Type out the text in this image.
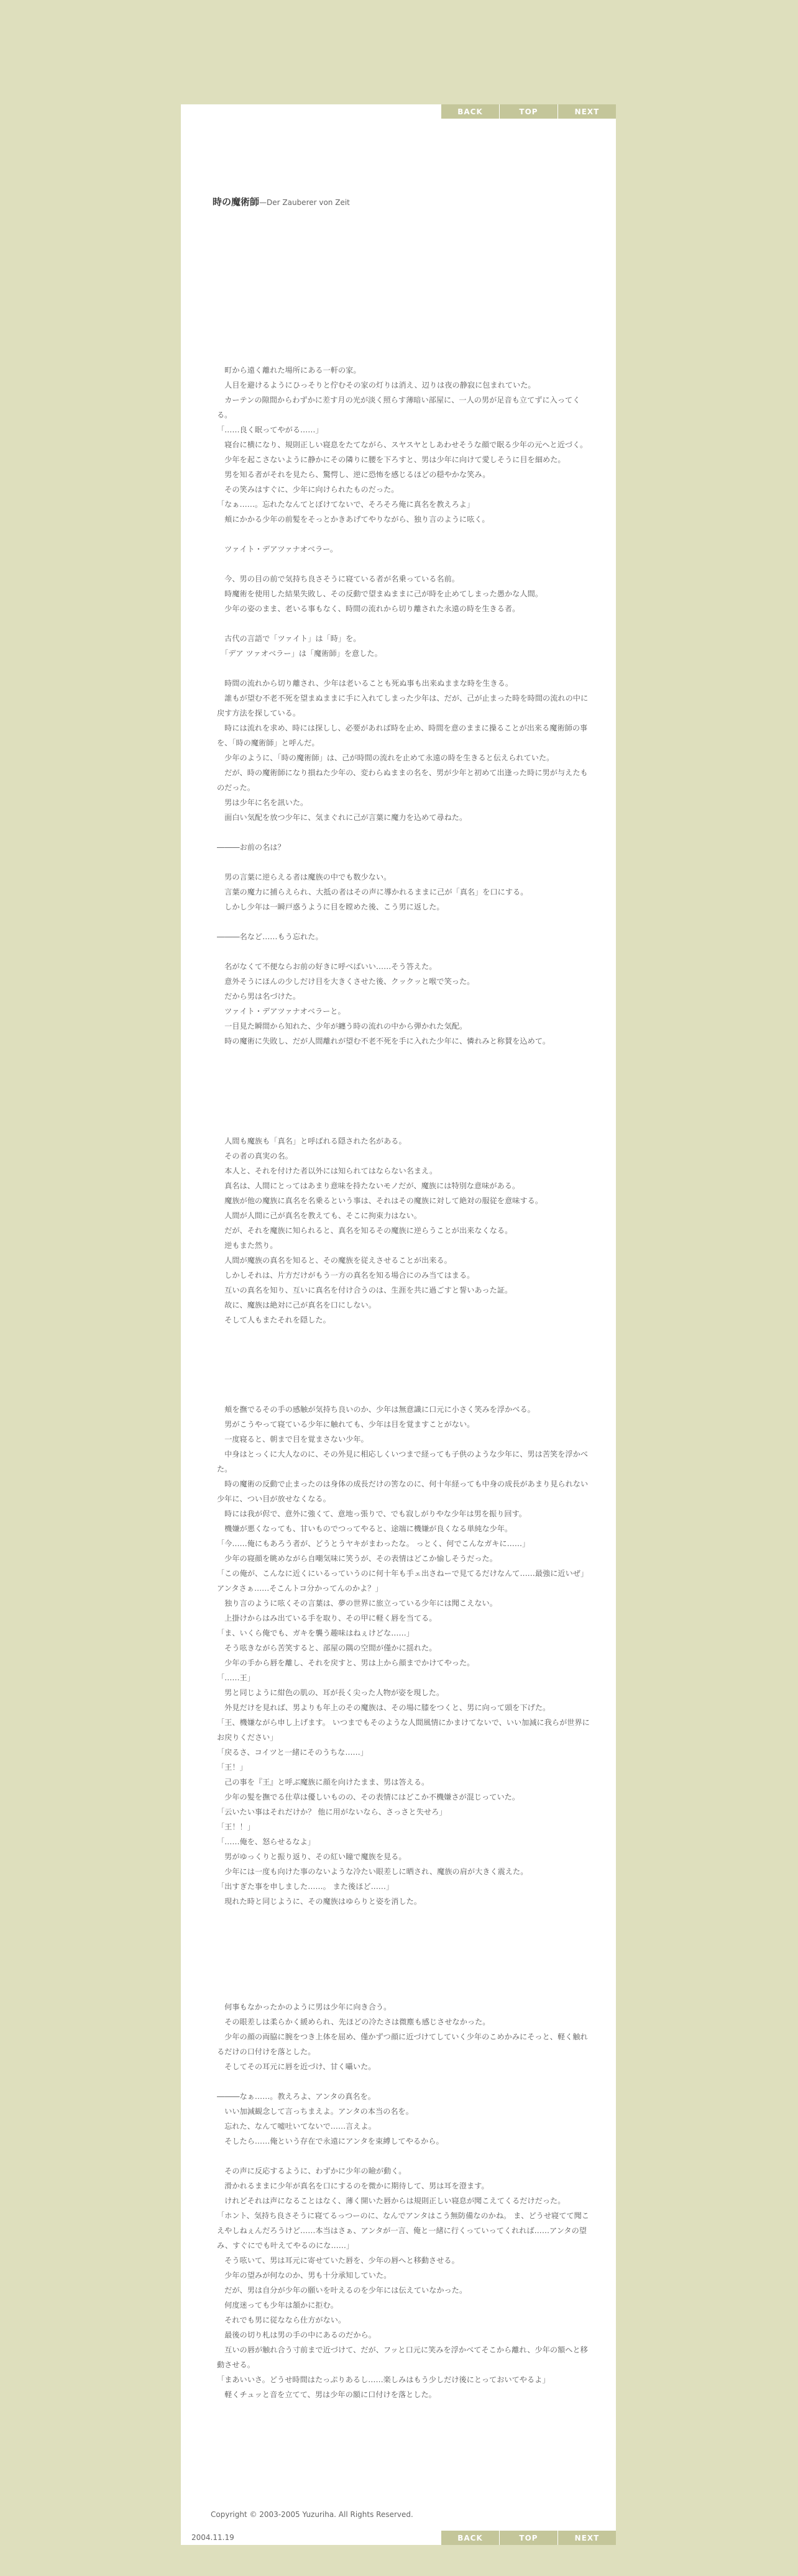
BACK	TOP	NEXT
時の魔術師—Der Zauberer von Zeit

　町から遠く離れた場所にある一軒の家。

　人目を避けるようにひっそりと佇むその家の灯りは消え、辺りは夜の静寂に包まれていた。

　カーテンの隙間からわずかに差す月の光が淡く照らす薄暗い部屋に、一人の男が足音も立てずに入ってくる。

「……良く眠ってやがる……」

　寝台に横になり、規則正しい寝息をたてながら、スヤスヤとしあわせそうな顔で眠る少年の元へと近づく。

　少年を起こさないように静かにその隣りに腰を下ろすと、男は少年に向けて愛しそうに目を細めた。

　男を知る者がそれを見たら、驚愕し、逆に恐怖を感じるほどの穏やかな笑み。

　その笑みはすぐに、少年に向けられたものだった。

「なぁ……。忘れたなんてとぼけてないで、そろそろ俺に真名を教えろよ」

　頬にかかる少年の前髪をそっとかきあげてやりながら、独り言のように呟く。

　ツァイト・デアツァナオベラー。

　今、男の目の前で気持ち良さそうに寝ている者が名乗っている名前。

　時魔術を使用した結果失敗し、その反動で望まぬままに己が時を止めてしまった愚かな人間。

　少年の姿のまま、老いる事もなく、時間の流れから切り離された永遠の時を生きる者。

　古代の言語で「ツァイト」は「時」を。

　「デア ツァオベラー」は「魔術師」を意した。

　時間の流れから切り離され、少年は老いることも死ぬ事も出来ぬままな時を生きる。

　誰もが望む不老不死を望まぬままに手に入れてしまった少年は、だが、己が止まった時を時間の流れの中に戻す方法を探している。

　時には流れを求め、時には探しし、必要があれば時を止め、時間を意のままに操ることが出来る魔術師の事を、「時の魔術師」と呼んだ。

　少年のように、「時の魔術師」は、己が時間の流れを止めて永遠の時を生きると伝えられていた。

　だが、時の魔術師になり損ねた少年の、変わらぬままの名を、男が少年と初めて出逢った時に男が与えたものだった。

　男は少年に名を訊いた。

　面白い気配を放つ少年に、気まぐれに己が言葉に魔力を込めて尋ねた。

―――お前の名は？

　男の言葉に逆らえる者は魔族の中でも数少ない。

　言葉の魔力に捕らえられ、大抵の者はその声に導かれるままに己が「真名」を口にする。

　しかし少年は一瞬戸惑うように目を瞠めた後、こう男に返した。

―――名など……もう忘れた。

　名がなくて不便ならお前の好きに呼べばいい……そう答えた。

　意外そうにほんの少しだけ目を大きくさせた後、クックッと喉で笑った。

　だから男は名づけた。

　ツァイト・デアツァナオベラーと。

　一目見た瞬間から知れた、少年が纏う時の流れの中から弾かれた気配。

　時の魔術に失敗し、だが人間離れが望む不老不死を手に入れた少年に、憐れみと称賛を込めて。

　人間も魔族も「真名」と呼ばれる隠された名がある。

　その者の真実の名。

　本人と、それを付けた者以外には知られてはならない名まえ。

　真名は、人間にとってはあまり意味を持たないモノだが、魔族には特別な意味がある。

　魔族が他の魔族に真名を名乗るという事は、それはその魔族に対して絶対の服従を意味する。

　人間が人間に己が真名を教えても、そこに拘束力はない。

　だが、それを魔族に知られると、真名を知るその魔族に逆らうことが出来なくなる。

　逆もまた然り。

　人間が魔族の真名を知ると、その魔族を従えさせることが出来る。

　しかしそれは、片方だけがもう一方の真名を知る場合にのみ当てはまる。

　互いの真名を知り、互いに真名を付け合うのは、生涯を共に過ごすと誓いあった証。

　故に、魔族は絶対に己が真名を口にしない。

　そして人もまたそれを隠した。

　頬を撫でるその手の感触が気持ち良いのか、少年は無意識に口元に小さく笑みを浮かべる。

　男がこうやって寝ている少年に触れても、少年は目を覚ますことがない。

　一度寝ると、朝まで目を覚まさない少年。

　中身はとっくに大人なのに、その外見に相応しくいつまで経っても子供のような少年に、男は苦笑を浮かべた。

　時の魔術の反動で止まったのは身体の成長だけの筈なのに、何十年経っても中身の成長があまり見られない少年に、つい目が放せなくなる。

　時には我が侭で、意外に強くて、意地っ張りで、でも寂しがりやな少年は男を振り回す。

　機嫌が悪くなっても、甘いものでつってやると、途端に機嫌が良くなる単純な少年。

「今……俺にもあろう者が、どうとうヤキがまわったな。 っとく、何でこんなガキに……」

　少年の寝顔を眺めながら自嘲気味に笑うが、その表情はどこか愉しそうだった。

「この俺が、こんなに近くにいるっていうのに何十年も手ェ出さねーで見てるだけなんて……最強に近いぜ」

アンタさぁ……そこんトコ分かってんのかよ？」

　独り言のように呟くその言葉は、夢の世界に旅立っている少年には聞こえない。

　上掛けからはみ出ている手を取り、その甲に軽く唇を当てる。

「ま、いくら俺でも、ガキを襲う趣味はねぇけどな……」

　そう呟きながら苦笑すると、部屋の隅の空間が僅かに揺れた。

　少年の手から唇を離し、それを戻すと、男は上から顔までかけてやった。

「……王」

　男と同じように紺色の肌の、耳が長く尖った人物が姿を現した。

　外見だけを見れば、男よりも年上のその魔族は、その場に膝をつくと、男に向って頭を下げた。

「王、機嫌ながら申し上げます。 いつまでもそのような人間風情にかまけてないで、いい加減に我らが世界にお戻りください」

「戻るさ、コイツと一緒にそのうちな……」

「王！」

　己の事を『王』と呼ぶ魔族に顔を向けたまま、男は答える。

　少年の髪を撫でる仕草は優しいものの、その表情にはどこか不機嫌さが混じっていた。

「云いたい事はそれだけか？ 他に用がないなら、さっさと失せろ」

「王！！」

「……俺を、怒らせるなよ」

　男がゆっくりと振り返り、その紅い瞳で魔族を見る。

　少年には一度も向けた事のないような冷たい眼差しに晒され、魔族の肩が大きく震えた。

「出すぎた事を申しました……。 また後ほど……」

　現れた時と同じように、その魔族はゆらりと姿を消した。

　何事もなかったかのように男は少年に向き合う。

　その眼差しは柔らかく緩められ、先ほどの冷たさは微塵も感じさせなかった。

　少年の顔の両脇に腕をつき上体を屈め、僅かずつ顔に近づけてしていく少年のこめかみにそっと、軽く触れるだけの口付けを落とした。

　そしてその耳元に唇を近づけ、甘く囁いた。

―――なぁ……。教えろよ、アンタの真名を。

　いい加減観念して言っちまえよ。アンタの本当の名を。

　忘れた、なんて嘘吐いてないで……言えよ。

　そしたら……俺という存在で永遠にアンタを束縛してやるから。

　その声に反応するように、わずかに少年の瞼が動く。

　滑かれるままに少年が真名を口にするのを微かに期待して、男は耳を澄ます。

　けれどそれは声になることはなく、薄く開いた唇からは規則正しい寝息が聞こえてくるだけだった。

「ホント、気持ち良さそうに寝てるっつーのに、なんでアンタはこう無防備なのかね。 ま、どうせ寝てて聞こえやしねぇんだろうけど……本当はさぁ、アンタが一言、俺と一緒に行くっていってくれれば……アンタの望み、すぐにでも叶えてやるのにな……」

　そう呟いて、男は耳元に寄せていた唇を、少年の唇へと移動させる。

　少年の望みが何なのか、男も十分承知していた。

　だが、男は自分が少年の願いを叶えるのを少年には伝えていなかった。

　何度迷っても少年は頷かに拒む。

　それでも男に従ななら仕方がない。

　最後の切り札は男の手の中にあるのだから。

　互いの唇が触れ合う寸前まで近づけて、だが、フッと口元に笑みを浮かべてそこから離れ、少年の額へと移動させる。

「まあいいさ。どうせ時間はたっぷりあるし……楽しみはもう少しだけ後にとっておいてやるよ」

　軽くチュッと音を立てて、男は少年の額に口付けを落とした。

Copyright © 2003-2005 Yuzuriha. All Rights Reserved.
2004.11.19	BACK	TOP	NEXT
